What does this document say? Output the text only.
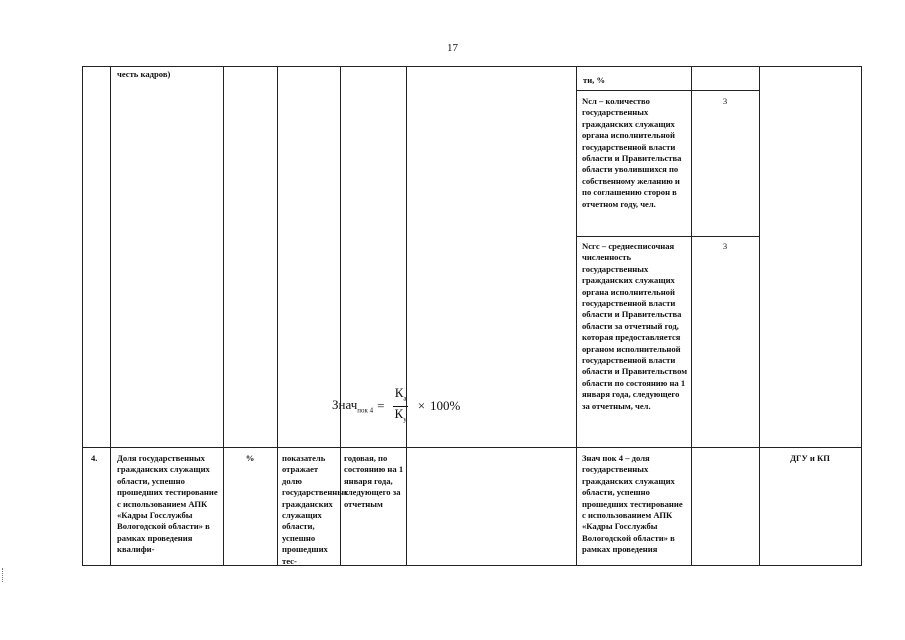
17
честь кадров)
ти, %
Nсл – количество государственных гражданских служащих органа исполнительной государственной власти области и Правительства области уволившихся по собственному желанию и по соглашению сторон в отчетном году, чел.
3
Nсгс – среднесписочная численность государственных гражданских служащих органа исполнительной государственной власти области и Правительства области за отчетный год, которая предоставляется органом исполнительной государственной власти области и Правительством области по состоянию на 1 января года, следующего за отчетным, чел.
3
4.	Доля государственных гражданских служащих области, успешно прошедших тестирование с использованием АПК «Кадры Госслужбы Вологодской области» в рамках проведения квалифи-
%	показатель отражает долю государственных гражданских служащих области, успешно прошедших тес-
годовая, по состоянию на 1 января года, следующего за отчетным
Знач пок 4 – доля государственных гражданских служащих области, успешно прошедших тестирование с использованием АПК «Кадры Госслужбы Вологодской области» в рамках проведения
ДГУ и КП
Знач$_{пок 4}$ = $\frac{К_а}{К_у} \times 100\%$
